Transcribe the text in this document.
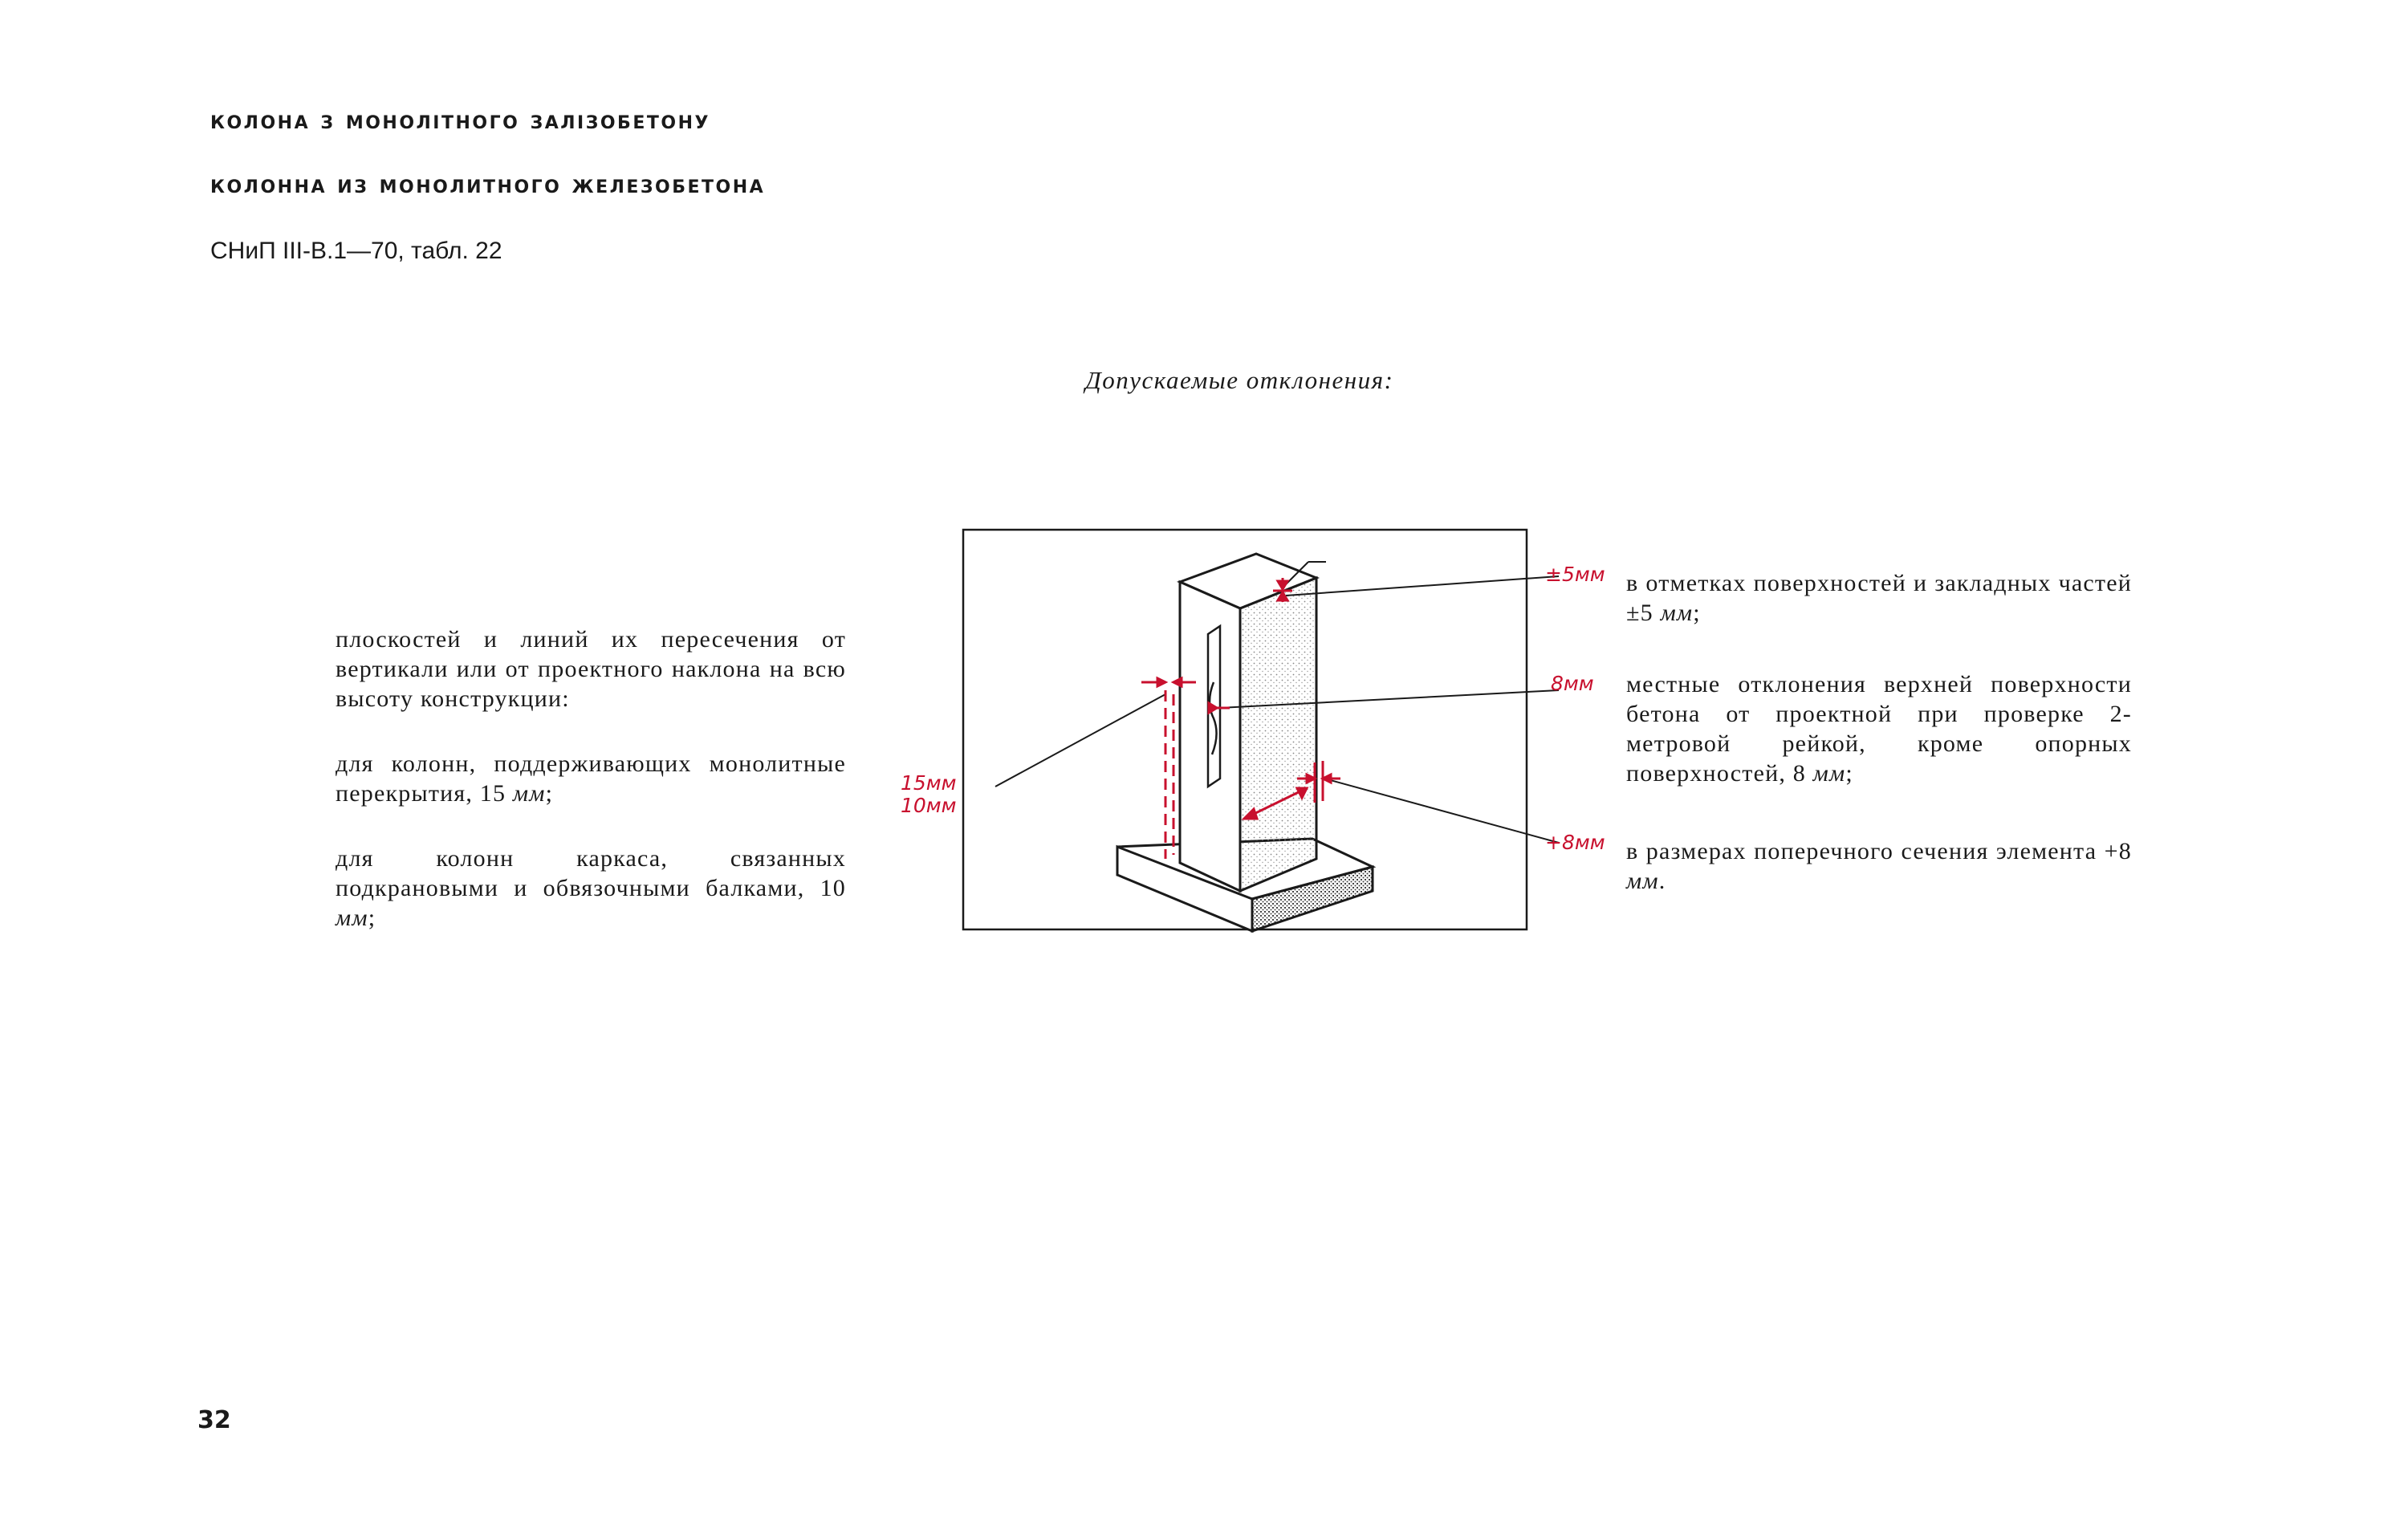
колона з монолітного залізобетону
колонна из монолитного железобетона
СНиП III-В.1—70, табл. 22
Допускаемые отклонения:

плоскостей и линий их пересечения от вертикали или от проектного наклона на всю высоту конструкции:

для колонн, поддерживающих монолитные перекрытия, 15 мм;

для колонн каркаса, связанных подкрановыми и обвязочными балками, 10 мм;

в отметках поверхностей и закладных частей ±5 мм;

местные отклонения верхней поверхности бетона от проектной при проверке 2-метровой рейкой, кроме опорных поверхностей, 8 мм;

в размерах поперечного сечения элемента +8 мм.

±5мм
8мм
+8мм
15мм
10мм
32
